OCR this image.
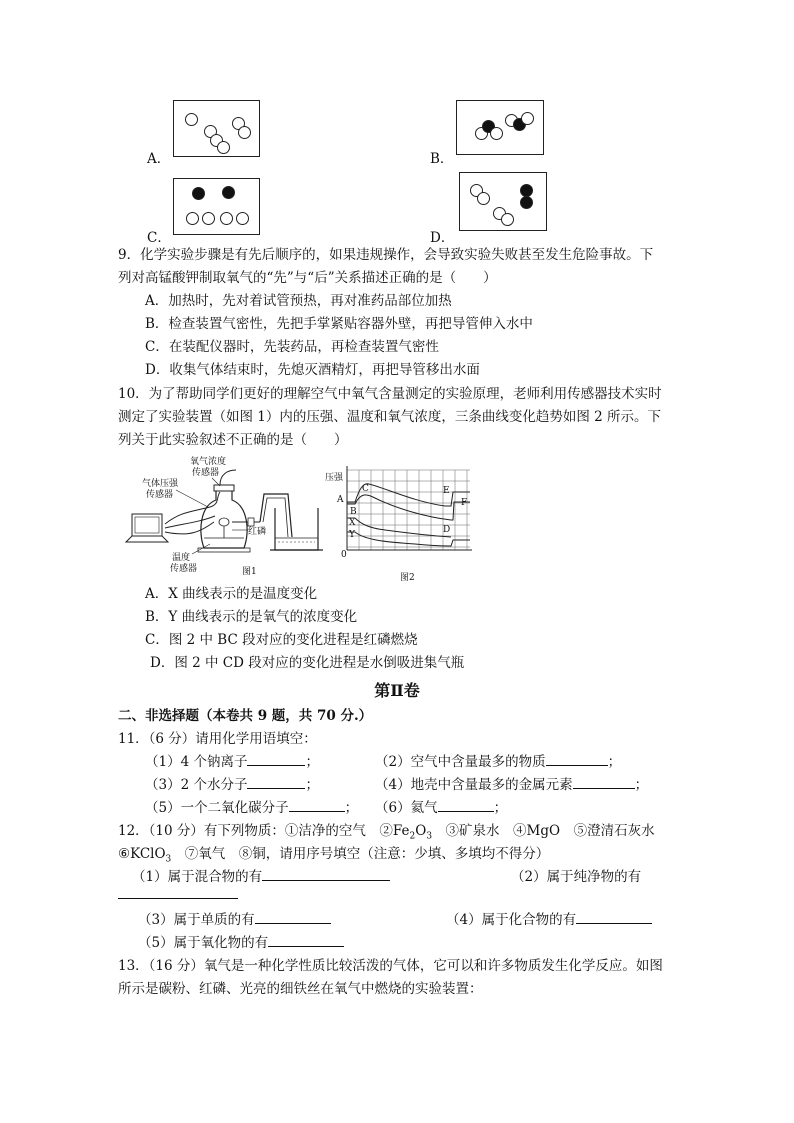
A．	B．
C．	D．
9．化学实验步骤是有先后顺序的，如果违规操作，会导致实验失败甚至发生危险事故。下
列对高锰酸钾制取氧气的“先”与“后”关系描述正确的是（　　）
A．加热时，先对着试管预热，再对准药品部位加热
B．检查装置气密性，先把手掌紧贴容器外壁，再把导管伸入水中
C．在装配仪器时，先装药品，再检查装置气密性
D．收集气体结束时，先熄灭酒精灯，再把导管移出水面
10．为了帮助同学们更好的理解空气中氧气含量测定的实验原理，老师利用传感器技术实时
测定了实验装置（如图 1）内的压强、温度和氧气浓度，三条曲线变化趋势如图 2 所示。下
列关于此实验叙述不正确的是（　　）
氧气浓度
传感器
气体压强
传感器
红磷
温度
传感器	图1
压强
A
B
C
D
E
F
X
Y
0
图2
A．X 曲线表示的是温度变化
B．Y 曲线表示的是氧气的浓度变化
C．图 2 中 BC 段对应的变化进程是红磷燃烧
D．图 2 中 CD 段对应的变化进程是水倒吸进集气瓶
第Ⅱ卷
二、非选择题（本卷共 9 题，共 70 分.）
11．（6 分）请用化学用语填空：
（1）4 个钠离子	；	（2）空气中含量最多的物质	；
（3）2 个水分子	；	（4）地壳中含量最多的金属元素	；
（5）一个二氧化碳分子	； （6）氦气	；
12．（10 分）有下列物质：①洁净的空气　$②Fe_2O_3$　③矿泉水　④MgO　⑤澄清石灰水
⑥KClO$_3$　⑦氧气　⑧铜，请用序号填空（注意：少填、多填均不得分）
（1）属于混合物的有	（2）属于纯净物的有
（3）属于单质的有	（4）属于化合物的有
（5）属于氧化物的有
13．（16 分）氧气是一种化学性质比较活泼的气体，它可以和许多物质发生化学反应。如图
所示是碳粉、红磷、光亮的细铁丝在氧气中燃烧的实验装置：
